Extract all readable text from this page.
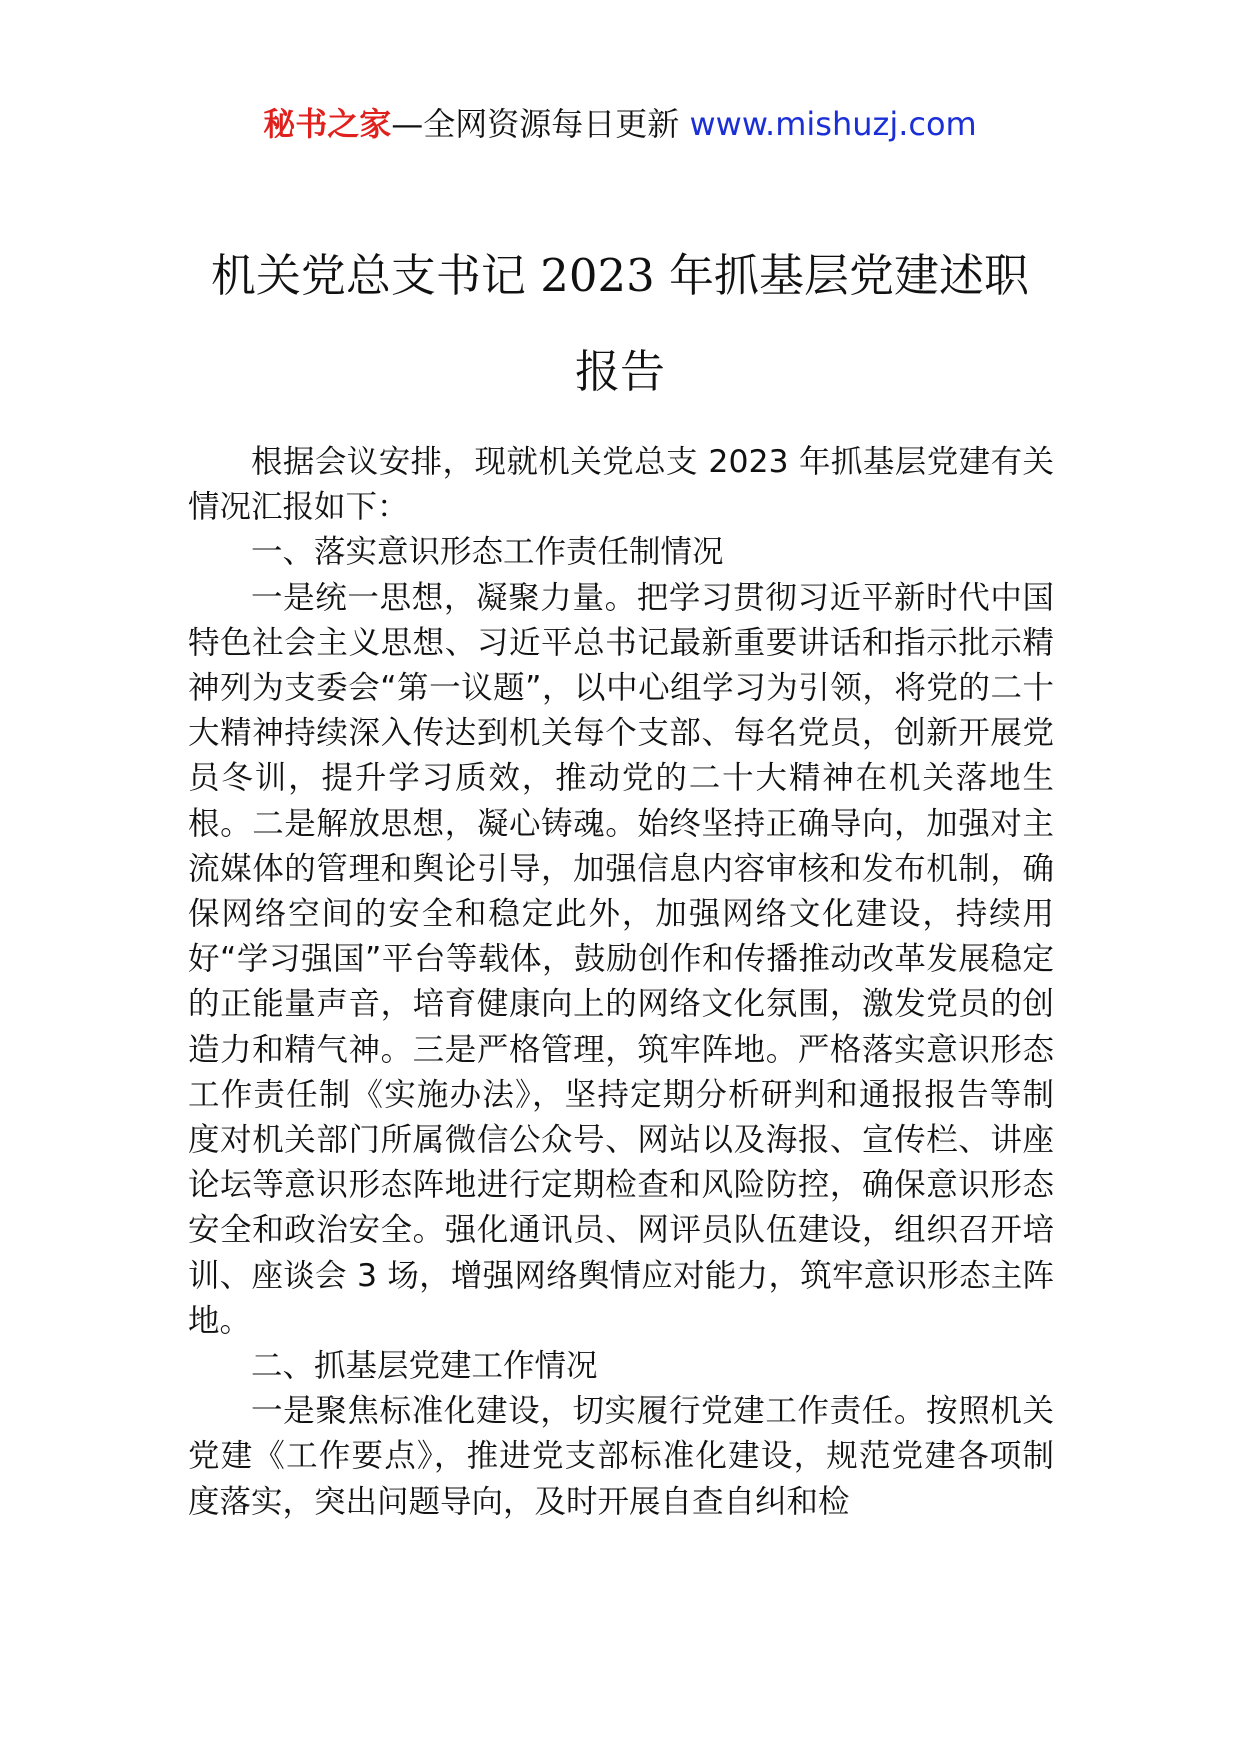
秘书之家—全网资源每日更新 www.mishuzj.com
机关党总支书记 2023 年抓基层党建述职
报告

根据会议安排，现就机关党总支 2023 年抓基层党建有关情况汇报如下：

一、落实意识形态工作责任制情况

一是统一思想，凝聚力量。把学习贯彻习近平新时代中国特色社会主义思想、习近平总书记最新重要讲话和指示批示精神列为支委会“第一议题”，以中心组学习为引领，将党的二十大精神持续深入传达到机关每个支部、每名党员，创新开展党员冬训，提升学习质效，推动党的二十大精神在机关落地生根。二是解放思想，凝心铸魂。始终坚持正确导向，加强对主流媒体的管理和舆论引导，加强信息内容审核和发布机制，确保网络空间的安全和稳定此外，加强网络文化建设，持续用好“学习强国”平台等载体，鼓励创作和传播推动改革发展稳定的正能量声音，培育健康向上的网络文化氛围，激发党员的创造力和精气神。三是严格管理，筑牢阵地。严格落实意识形态工作责任制《实施办法》，坚持定期分析研判和通报报告等制度对机关部门所属微信公众号、网站以及海报、宣传栏、讲座论坛等意识形态阵地进行定期检查和风险防控，确保意识形态安全和政治安全。强化通讯员、网评员队伍建设，组织召开培训、座谈会 3 场，增强网络舆情应对能力，筑牢意识形态主阵地。

二、抓基层党建工作情况

一是聚焦标准化建设，切实履行党建工作责任。按照机关党建《工作要点》，推进党支部标准化建设，规范党建各项制度落实，突出问题导向，及时开展自查自纠和检
